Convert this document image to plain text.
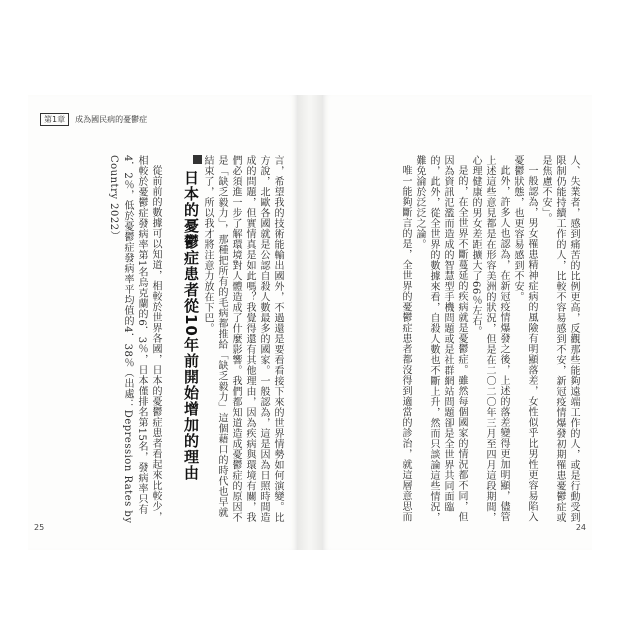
第1章	成為國民病的憂鬱症

言，希望我的技術能輸出國外，不過還是要看看接下來的世界情勢如何演變。比方說，北歐各國就是公認自殺人數最多的國家。一般認為，這是因為日照時間造成的問題，但實情真是如此嗎？我覺得還有其他理由，因為疾病與環境有關，我們必須進一步了解環境對人體造成了什麼影響。我們都知道造成憂鬱症的原因不是「缺乏毅力」，那種把所有的毛病都推給「缺乏毅力」這個藉口的時代也早就結束了，所以我才將注意力放在下巴。

日本的憂鬱症患者從10年前開始增加的理由

從前前的數據可以知道，相較於世界各國，日本的憂鬱症患者看起來比較少，相較於憂鬱症發病率第1名烏克蘭的6．3％，日本僅排名第15名，發病率只有4．2％，低於憂鬱症發病率平均值的4．38％（出處：Depression Rates by Country 2022）

25

人、失業者，感到痛苦的比例更高，反觀那些能夠遠端工作的人，或是行動受到限制仍能持續工作的人，比較不容易感到不安，新冠疫情爆發初期罹患憂鬱症或是焦慮不安」。

一般認為，男女罹患精神症病的風險有明顯落差，女性似乎比男性更容易陷入憂鬱狀態，也更容易感到不安。

此外，許多人也認為，在新冠疫情爆發之後，上述的落差變得更加明顯，儘管上述這些意見都是在形容美洲的狀況，但是在二〇二〇年三月至四月這段期間，心理健康的男女差距擴大了66％左右。

是的，在全世界不斷蔓延的疾病就是憂鬱症。雖然每個國家的情況都不同，但因為資訊氾濫而造成的智慧型手機問題或是社群網站問題卻是全世界共同面臨的，此外，從全世界的數據來看，自殺人數也不斷上升，然而只談論這些情況，難免淪於泛泛之論。

唯一能夠斷言的是，全世界的憂鬱症患者都沒得到適當的診治，就這層意思而

24
